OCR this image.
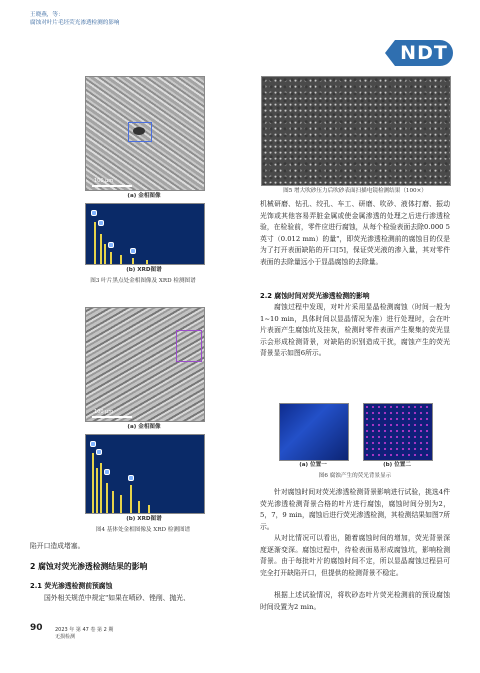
王晓燕，等：
腐蚀对叶片毛坯荧光渗透检测的影响
NDT
100 μm
(a) 金相图像
(b) XRD图谱
图3 叶片黑点处金相图像及 XRD 检测图谱
100 μm
(a) 金相图像
(b) XRD图谱
图4 基体处金相图像及 XRD 检测图谱
陷开口造成堵塞。
2 腐蚀对荧光渗透检测结果的影响
2.1 荧光渗透检测前预腐蚀
国外相关规范中规定"如果在喷砂、锉削、抛光、
图5 增大吹砂压力后吹砂表面扫描电镜检测结果（100×）
机械研磨、钻孔、绞孔、车工、研磨、吹砂、液体打磨、振动光饰或其他容易弄脏金属或使金属渗透的处理之后进行渗透检验，在检验前，零件应进行腐蚀，从每个检验表面去除0.000 5英寸（0.012 mm）的量"，即荧光渗透检测前的腐蚀目的仅是为了打开表面缺陷的开口[5]，保证荧光液的渗入量，其对零件表面的去除量远小于显晶腐蚀的去除量。
2.2 腐蚀时间对荧光渗透检测的影响
腐蚀过程中发现，对叶片采用显晶检测腐蚀（时间一般为1~10 min，具体时间以显晶情况为准）进行处理时，会在叶片表面产生腐蚀坑及挂灰，检测时零件表面产生聚集的荧光显示会形成检测背景，对缺陷的识别造成干扰，腐蚀产生的荧光背景显示如图6所示。
(a) 位置一	(b) 位置二
图6 腐蚀产生的荧光背景显示
针对腐蚀时间对荧光渗透检测背景影响进行试验，挑选4件荧光渗透检测背景合格的叶片进行腐蚀，腐蚀时间分别为2，5，7，9 min，腐蚀后进行荧光渗透检测，其检测结果如图7所示。
从对比情况可以看出，随着腐蚀时间的增加，荧光背景深度逐渐变深。腐蚀过程中，待检表面易形成腐蚀坑，影响检测背景。由于每批叶片的腐蚀时间不定，所以显晶腐蚀过程县可完全打开缺陷开口，但提供的检测背景不稳定。
根据上述试验情况，将吹砂态叶片荧光检测前的预设腐蚀时间设置为2 min。
90 2023 年 第 47 卷 第 2 期
无损检测
